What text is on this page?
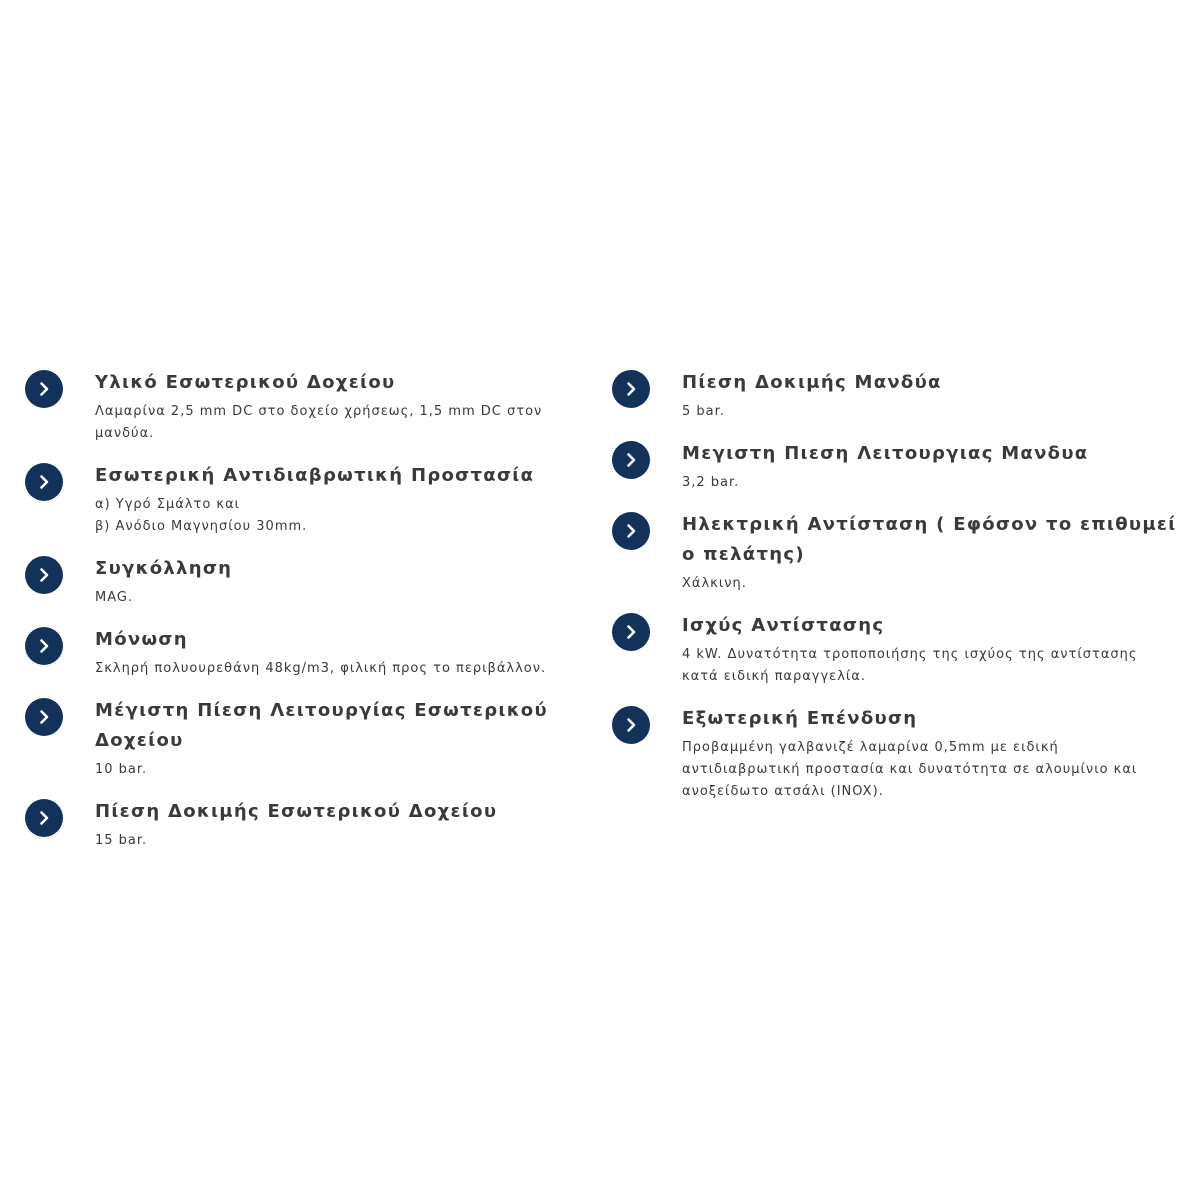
Υλικό Εσωτερικού Δοχείου
Λαμαρίνα 2,5 mm DC στο δοχείο χρήσεως, 1,5 mm DC στον μανδύα.
Εσωτερική Αντιδιαβρωτική Προστασία
α) Υγρό Σμάλτο και
β) Ανόδιο Μαγνησίου 30mm.
Συγκόλληση
MAG.
Μόνωση
Σκληρή πολυουρεθάνη 48kg/m3, φιλική προς το περιβάλλον.
Μέγιστη Πίεση Λειτουργίας Εσωτερικού Δοχείου
10 bar.
Πίεση Δοκιμής Εσωτερικού Δοχείου
15 bar.
Πίεση Δοκιμής Μανδύα
5 bar.
Μεγιστη Πιεση Λειτουργιας Μανδυα
3,2 bar.
Ηλεκτρική Αντίσταση ( Εφόσον το επιθυμεί ο πελάτης)
Χάλκινη.
Ισχύς Αντίστασης
4 kW. Δυνατότητα τροποποιήσης της ισχύος της αντίστασης κατά ειδική παραγγελία.
Εξωτερική Επένδυση
Προβαμμένη γαλβανιζέ λαμαρίνα 0,5mm με ειδική αντιδιαβρωτική προστασία και δυνατότητα σε αλουμίνιο και ανοξείδωτο ατσάλι (INOX).
